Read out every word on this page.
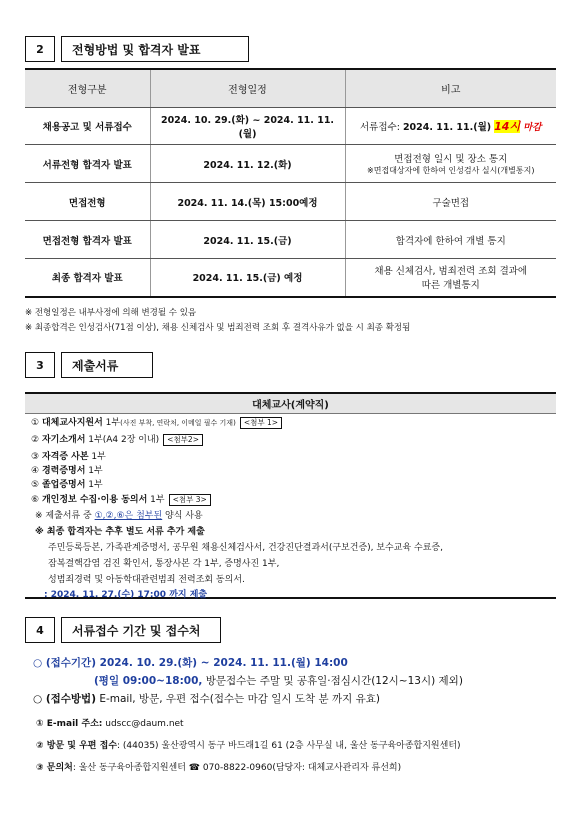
2	전형방법 및 합격자 발표
전형구분	전형일정	비고
채용공고 및 서류접수	2024. 10. 29.(화) ~ 2024. 11. 11.(월)	서류접수: 2024. 11. 11.(월) 14시 마감
서류전형 합격자 발표	2024. 11. 12.(화)	면접전형 일시 및 장소 통지
※면접대상자에 한하여 인성검사 실시(개별통지)

면접전형	2024. 11. 14.(목) 15:00예정	구술면접
면접전형 합격자 발표	2024. 11. 15.(금)	합격자에 한하여 개별 통지
최종 합격자 발표	2024. 11. 15.(금) 예정	채용 신체검사, 범죄전력 조회 결과에
따른 개별통지
※ 전형일정은 내부사정에 의해 변경될 수 있음
※ 최종합격은 인성검사(71점 이상), 채용 신체검사 및 범죄전력 조회 후 결격사유가 없을 시 최종 확정됨
3	제출서류
대체교사(계약직)
① 대체교사지원서 1부(사진 부착, 연락처, 이메일 필수 기재) <첨부 1>
② 자기소개서 1부(A4 2장 이내) <첨부2>
③ 자격증 사본 1부
④ 경력증명서 1부
⑤ 졸업증명서 1부
⑥ 개인정보 수집·이용 동의서 1부 <첨부 3>
※ 제출서류 중 ①,②,⑥은 첨부된 양식 사용
※ 최종 합격자는 추후 별도 서류 추가 제출
주민등록등본, 가족관계증명서, 공무원 채용신체검사서, 건강진단결과서(구보건증), 보수교육 수료증,
잠복결핵감염 검진 확인서, 통장사본 각 1부, 증명사진 1부,
성범죄경력 및 아동학대관련범죄 전력조회 동의서.
: 2024. 11. 27.(수) 17:00 까지 제출
4	서류접수 기간 및 접수처
○ (접수기간) 2024. 10. 29.(화) ~ 2024. 11. 11.(월) 14:00
(평일 09:00~18:00, 방문접수는 주말 및 공휴일·점심시간(12시~13시) 제외)
○ (접수방법) E-mail, 방문, 우편 접수(접수는 마감 일시 도착 분 까지 유효)
① E-mail 주소: udscc@daum.net
② 방문 및 우편 접수: (44035) 울산광역시 동구 바드래1길 61 (2층 사무실 내, 울산 동구육아종합지원센터)
③ 문의처: 울산 동구육아종합지원센터 ☎ 070-8822-0960(담당자: 대체교사관리자 류선희)
